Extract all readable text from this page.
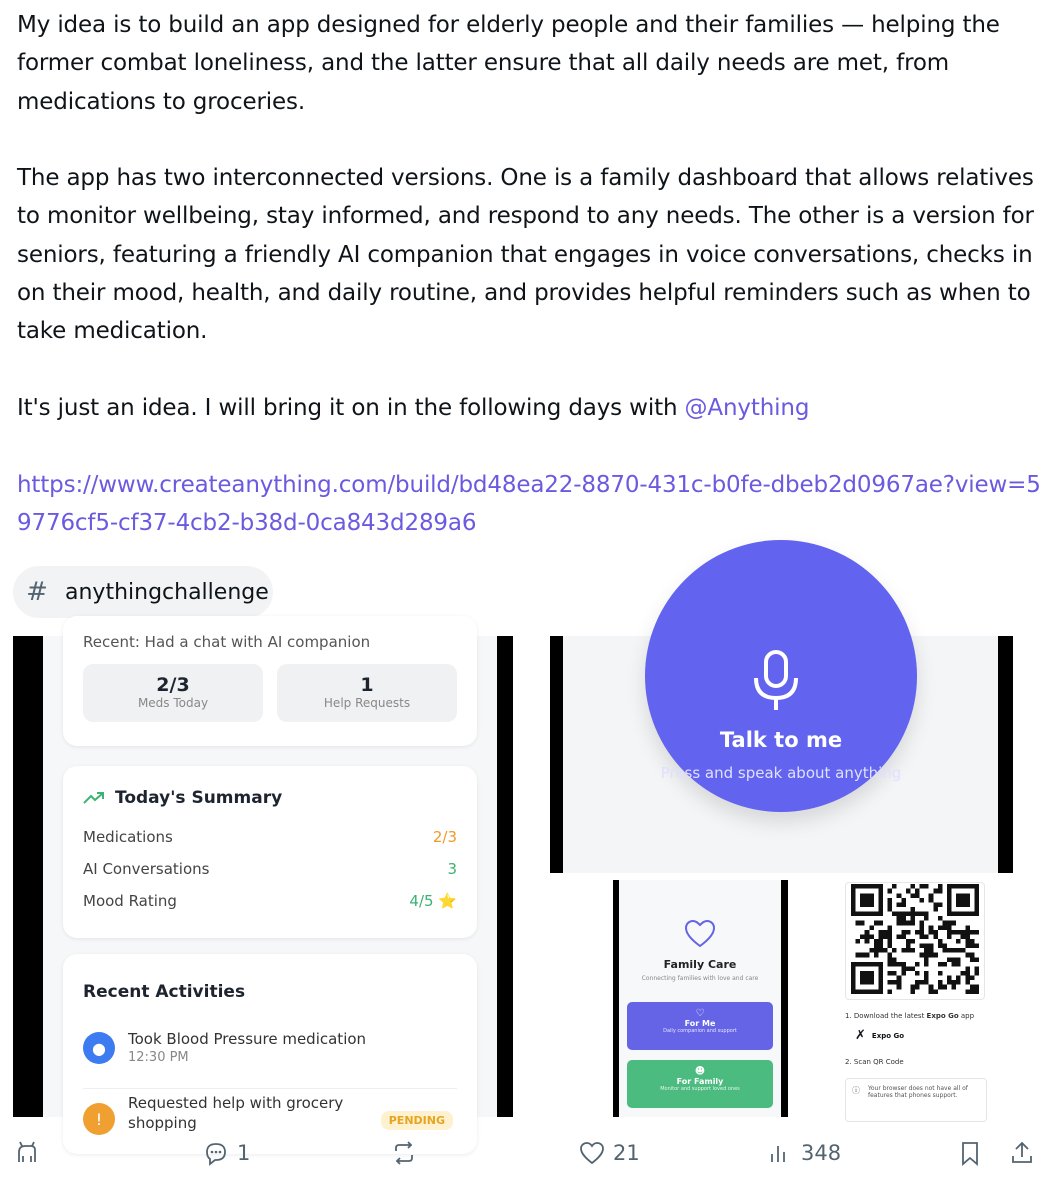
My idea is to build an app designed for elderly people and their families — helping the former combat loneliness, and the latter ensure that all daily needs are met, from medications to groceries.

The app has two interconnected versions. One is a family dashboard that allows relatives to monitor wellbeing, stay informed, and respond to any needs. The other is a version for seniors, featuring a friendly AI companion that engages in voice conversations, checks in on their mood, health, and daily routine, and provides helpful reminders such as when to take medication.

It's just an idea. I will bring it on in the following days with @Anything

https://www.createanything.com/build/bd48ea22-8870-431c-b0fe-dbeb2d0967ae?view=59776cf5-cf37-4cb2-b38d-0ca843d289a6

# anythingchallenge
Recent: Had a chat with AI companion
2/3
Meds Today
1
Help Requests
Today's Summary
Medications	2/3
AI Conversations	3
Mood Rating	4/5 ⭐
Recent Activities
●	Took Blood Pressure medication
12:30 PM
!
Requested help with grocery shopping	PENDING
Talk to me
Press and speak about anything
Family Care
Connecting families with love and care
♡
For Me
Daily companion and support
☻
For Family
Monitor and support loved ones
1. Download the latest Expo Go app
✗ Expo Go
2. Scan QR Code
ⓘ Your browser does not have all of features that phones support.
1	21	348
